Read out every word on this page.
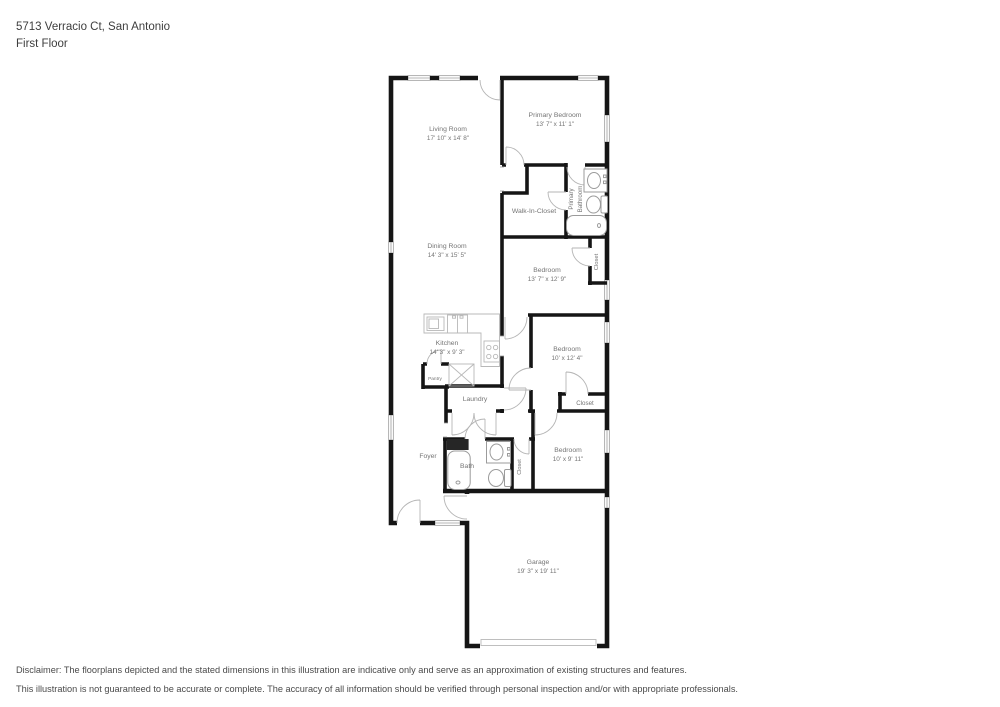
5713 Verracio Ct, San Antonio
First Floor
Living Room
17' 10" x 14' 8"
Primary Bedroom
13' 7" x 11' 1"
Walk-In-Closet
Primary Bathroom
Dining Room
14' 3" x 15' 5"
Bedroom
13' 7" x 12' 9"
Closet
Kitchen
14' 3" x 9' 3"	Bedroom
10' x 12' 4"
Laundry
Closet
Pantry
Foyer
Bath	Closet
Bedroom
10' x 9' 11"
Garage
19' 3" x 19' 11"
Disclaimer: The floorplans depicted and the stated dimensions in this illustration are indicative only and serve as an approximation of existing structures and features.
This illustration is not guaranteed to be accurate or complete. The accuracy of all information should be verified through personal inspection and/or with appropriate professionals.
